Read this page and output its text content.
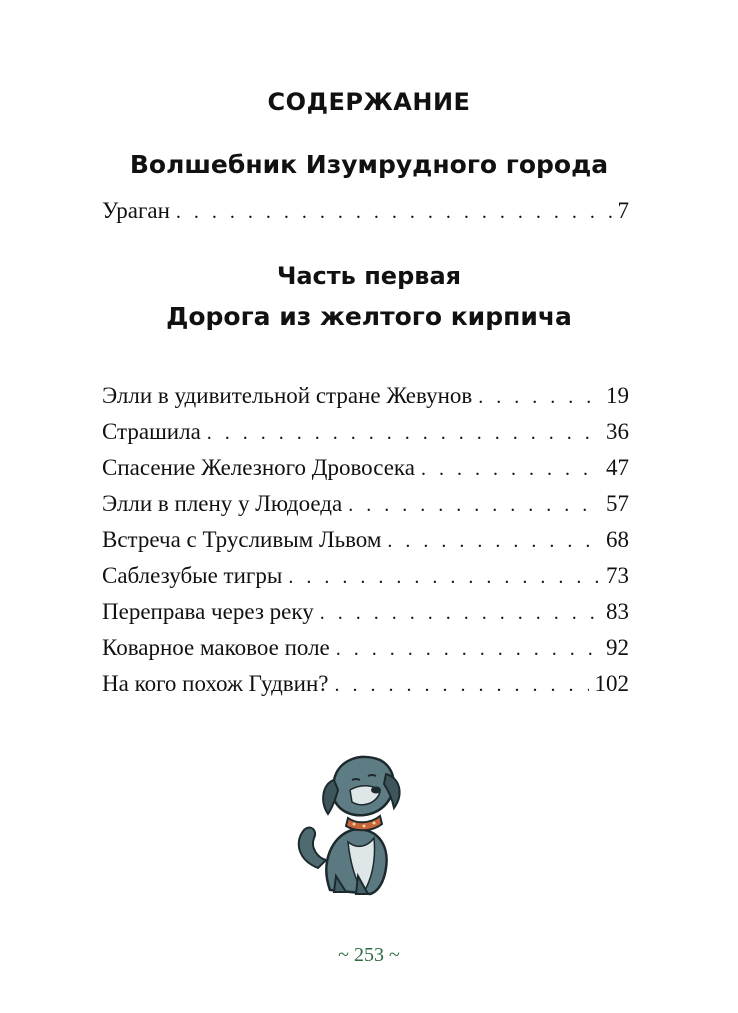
СОДЕРЖАНИЕ
Волшебник Изумрудного города
Ураган . . .	7
Часть первая
Дорога из желтого кирпича
Элли в удивительной стране Жевунов . . .	19
Страшила . . .	36
Спасение Железного Дровосека . . .	47
Элли в плену у Людоеда . . .	57
Встреча с Трусливым Львом . . .	68
Саблезубые тигры . . .	73
Переправа через реку . . .	83
Коварное маковое поле . . .	92
На кого похож Гудвин? . . .	102
~ 253 ~
